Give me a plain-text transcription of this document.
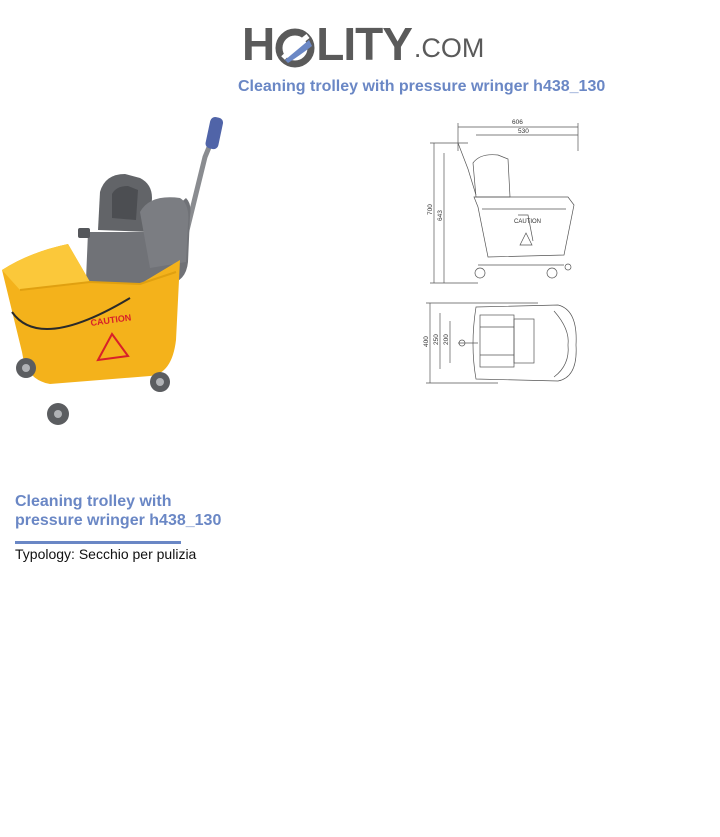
H LITY .COM
Cleaning trolley with pressure wringer h438_130
CAUTION
606
530
700
643
CAUTION
400 250 200
Cleaning trolley with
pressure wringer h438_130
Typology: Secchio per pulizia
